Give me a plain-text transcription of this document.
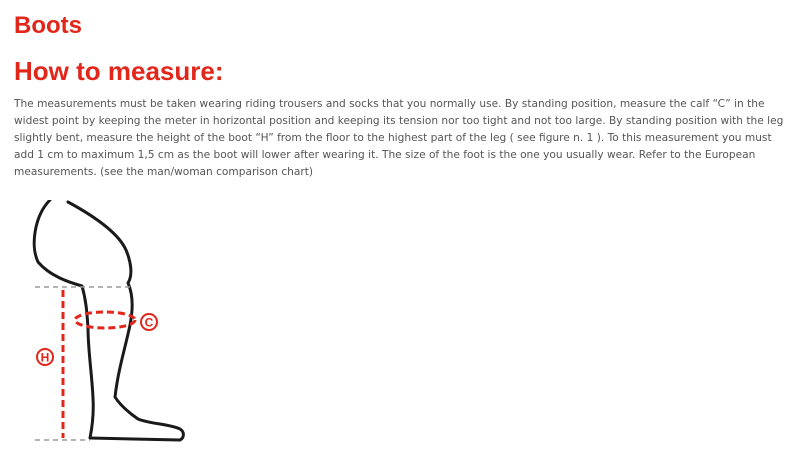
Boots
How to measure:

The measurements must be taken wearing riding trousers and socks that you normally use. By standing position, measure the calf “C” in the widest point by keeping the meter in horizontal position and keeping its tension nor too tight and not too large. By standing position with the leg slightly bent, measure the height of the boot “H” from the floor to the highest part of the leg ( see figure n. 1 ). To this measurement you must add 1 cm to maximum 1,5 cm as the boot will lower after wearing it. The size of the foot is the one you usually wear. Refer to the European measurements. (see the man/woman comparison chart)

C
H
